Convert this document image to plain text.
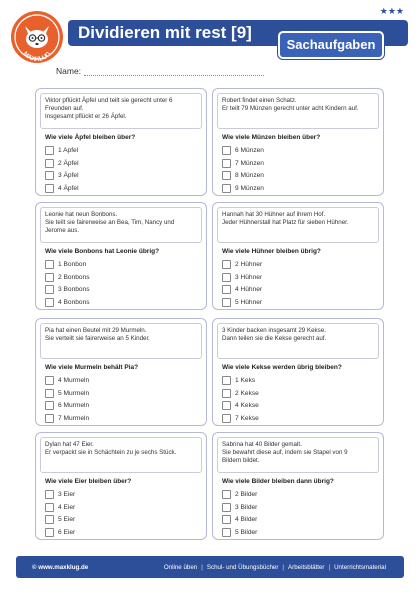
MAXKLUG
Dividieren mit rest [9]
★★★
Sachaufgaben
Name:
Viktor pflückt Äpfel und teilt sie gerecht unter 6
Freunden auf.
Insgesamt pflückt er 26 Äpfel.
Wie viele Äpfel bleiben über?
1 Apfel
2 Äpfel
3 Äpfel
4 Äpfel
Robert findet einen Schatz.
Er teilt 79 Münzen gerecht unter acht Kindern auf.
Wie viele Münzen bleiben über?
6 Münzen
7 Münzen
8 Münzen
9 Münzen
Leonie hat neun Bonbons.
Sie teilt sie fairerweise an Bea, Tim, Nancy und
Jerome aus.
Wie viele Bonbons hat Leonie übrig?
1 Bonbon
2 Bonbons
3 Bonbons
4 Bonbons
Hannah hat 30 Hühner auf ihrem Hof.
Jeder Hühnerstall hat Platz für sieben Hühner.
Wie viele Hühner bleiben übrig?
2 Hühner
3 Hühner
4 Hühner
5 Hühner
Pia hat einen Beutel mit 29 Murmeln.
Sie verteilt sie fairerweise an 5 Kinder.
Wie viele Murmeln behält Pia?
4 Murmeln
5 Murmeln
6 Murmeln
7 Murmeln
3 Kinder backen insgesamt 29 Kekse.
Dann teilen sie die Kekse gerecht auf.
Wie viele Kekse werden übrig bleiben?
1 Keks
2 Kekse
4 Kekse
7 Kekse
Dylan hat 47 Eier.
Er verpackt sie in Schächtein zu je sechs Stück.
Wie viele Eier bleiben über?
3 Eier
4 Eier
5 Eier
6 Eier
Sabrina hat 40 Bilder gemalt.
Sie bewahrt diese auf, indem sie Stapel von 9
Bildern bildet.
Wie viele Bilder bleiben dann übrig?
2 Bilder
3 Bilder
4 Bilder
5 Bilder
© www.maxklug.de	Online üben | Schul- und Übungsbücher | Arbeitsblätter | Unterrichtsmaterial
